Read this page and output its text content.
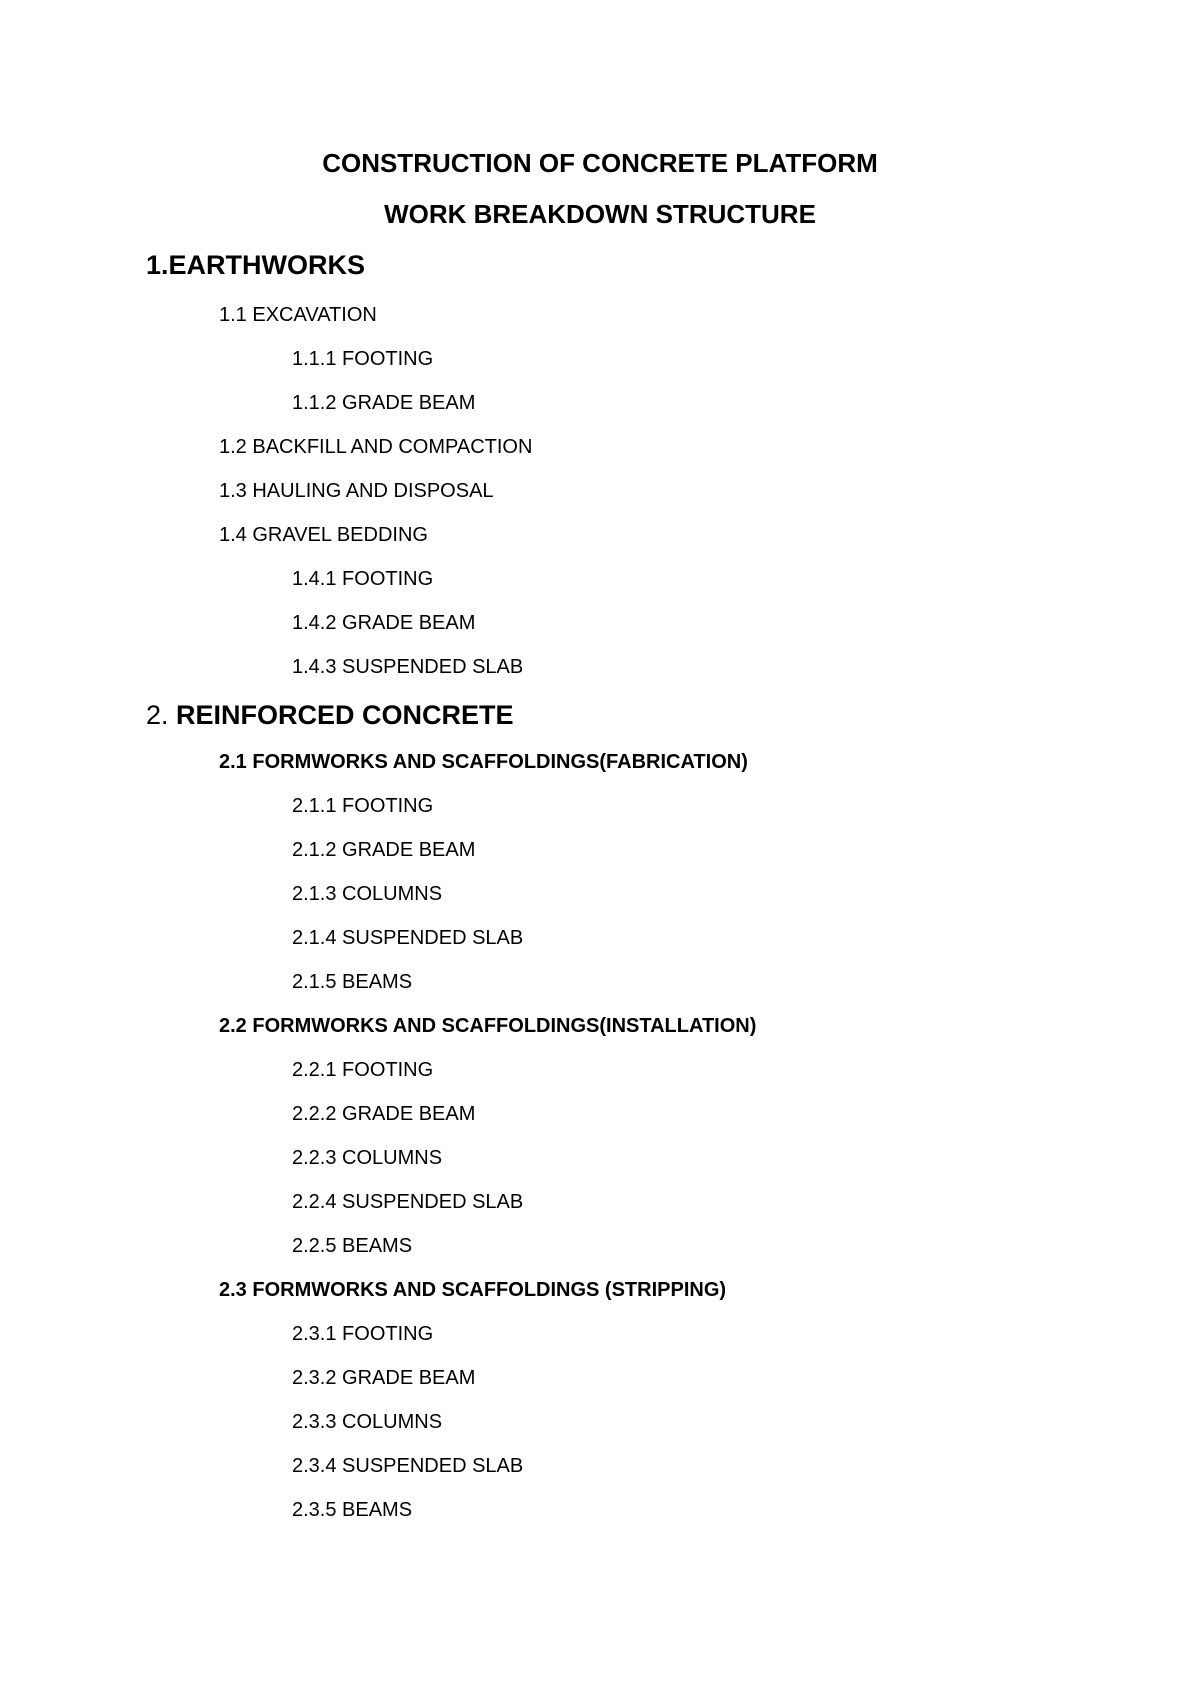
CONSTRUCTION OF CONCRETE PLATFORM
WORK BREAKDOWN STRUCTURE
1.EARTHWORKS
1.1 EXCAVATION
1.1.1 FOOTING
1.1.2 GRADE BEAM
1.2 BACKFILL AND COMPACTION
1.3 HAULING AND DISPOSAL
1.4 GRAVEL BEDDING
1.4.1 FOOTING
1.4.2 GRADE BEAM
1.4.3 SUSPENDED SLAB
2. REINFORCED CONCRETE
2.1 FORMWORKS AND SCAFFOLDINGS(FABRICATION)
2.1.1 FOOTING
2.1.2 GRADE BEAM
2.1.3 COLUMNS
2.1.4 SUSPENDED SLAB
2.1.5 BEAMS
2.2 FORMWORKS AND SCAFFOLDINGS(INSTALLATION)
2.2.1 FOOTING
2.2.2 GRADE BEAM
2.2.3 COLUMNS
2.2.4 SUSPENDED SLAB
2.2.5 BEAMS
2.3 FORMWORKS AND SCAFFOLDINGS (STRIPPING)
2.3.1 FOOTING
2.3.2 GRADE BEAM
2.3.3 COLUMNS
2.3.4 SUSPENDED SLAB
2.3.5 BEAMS
